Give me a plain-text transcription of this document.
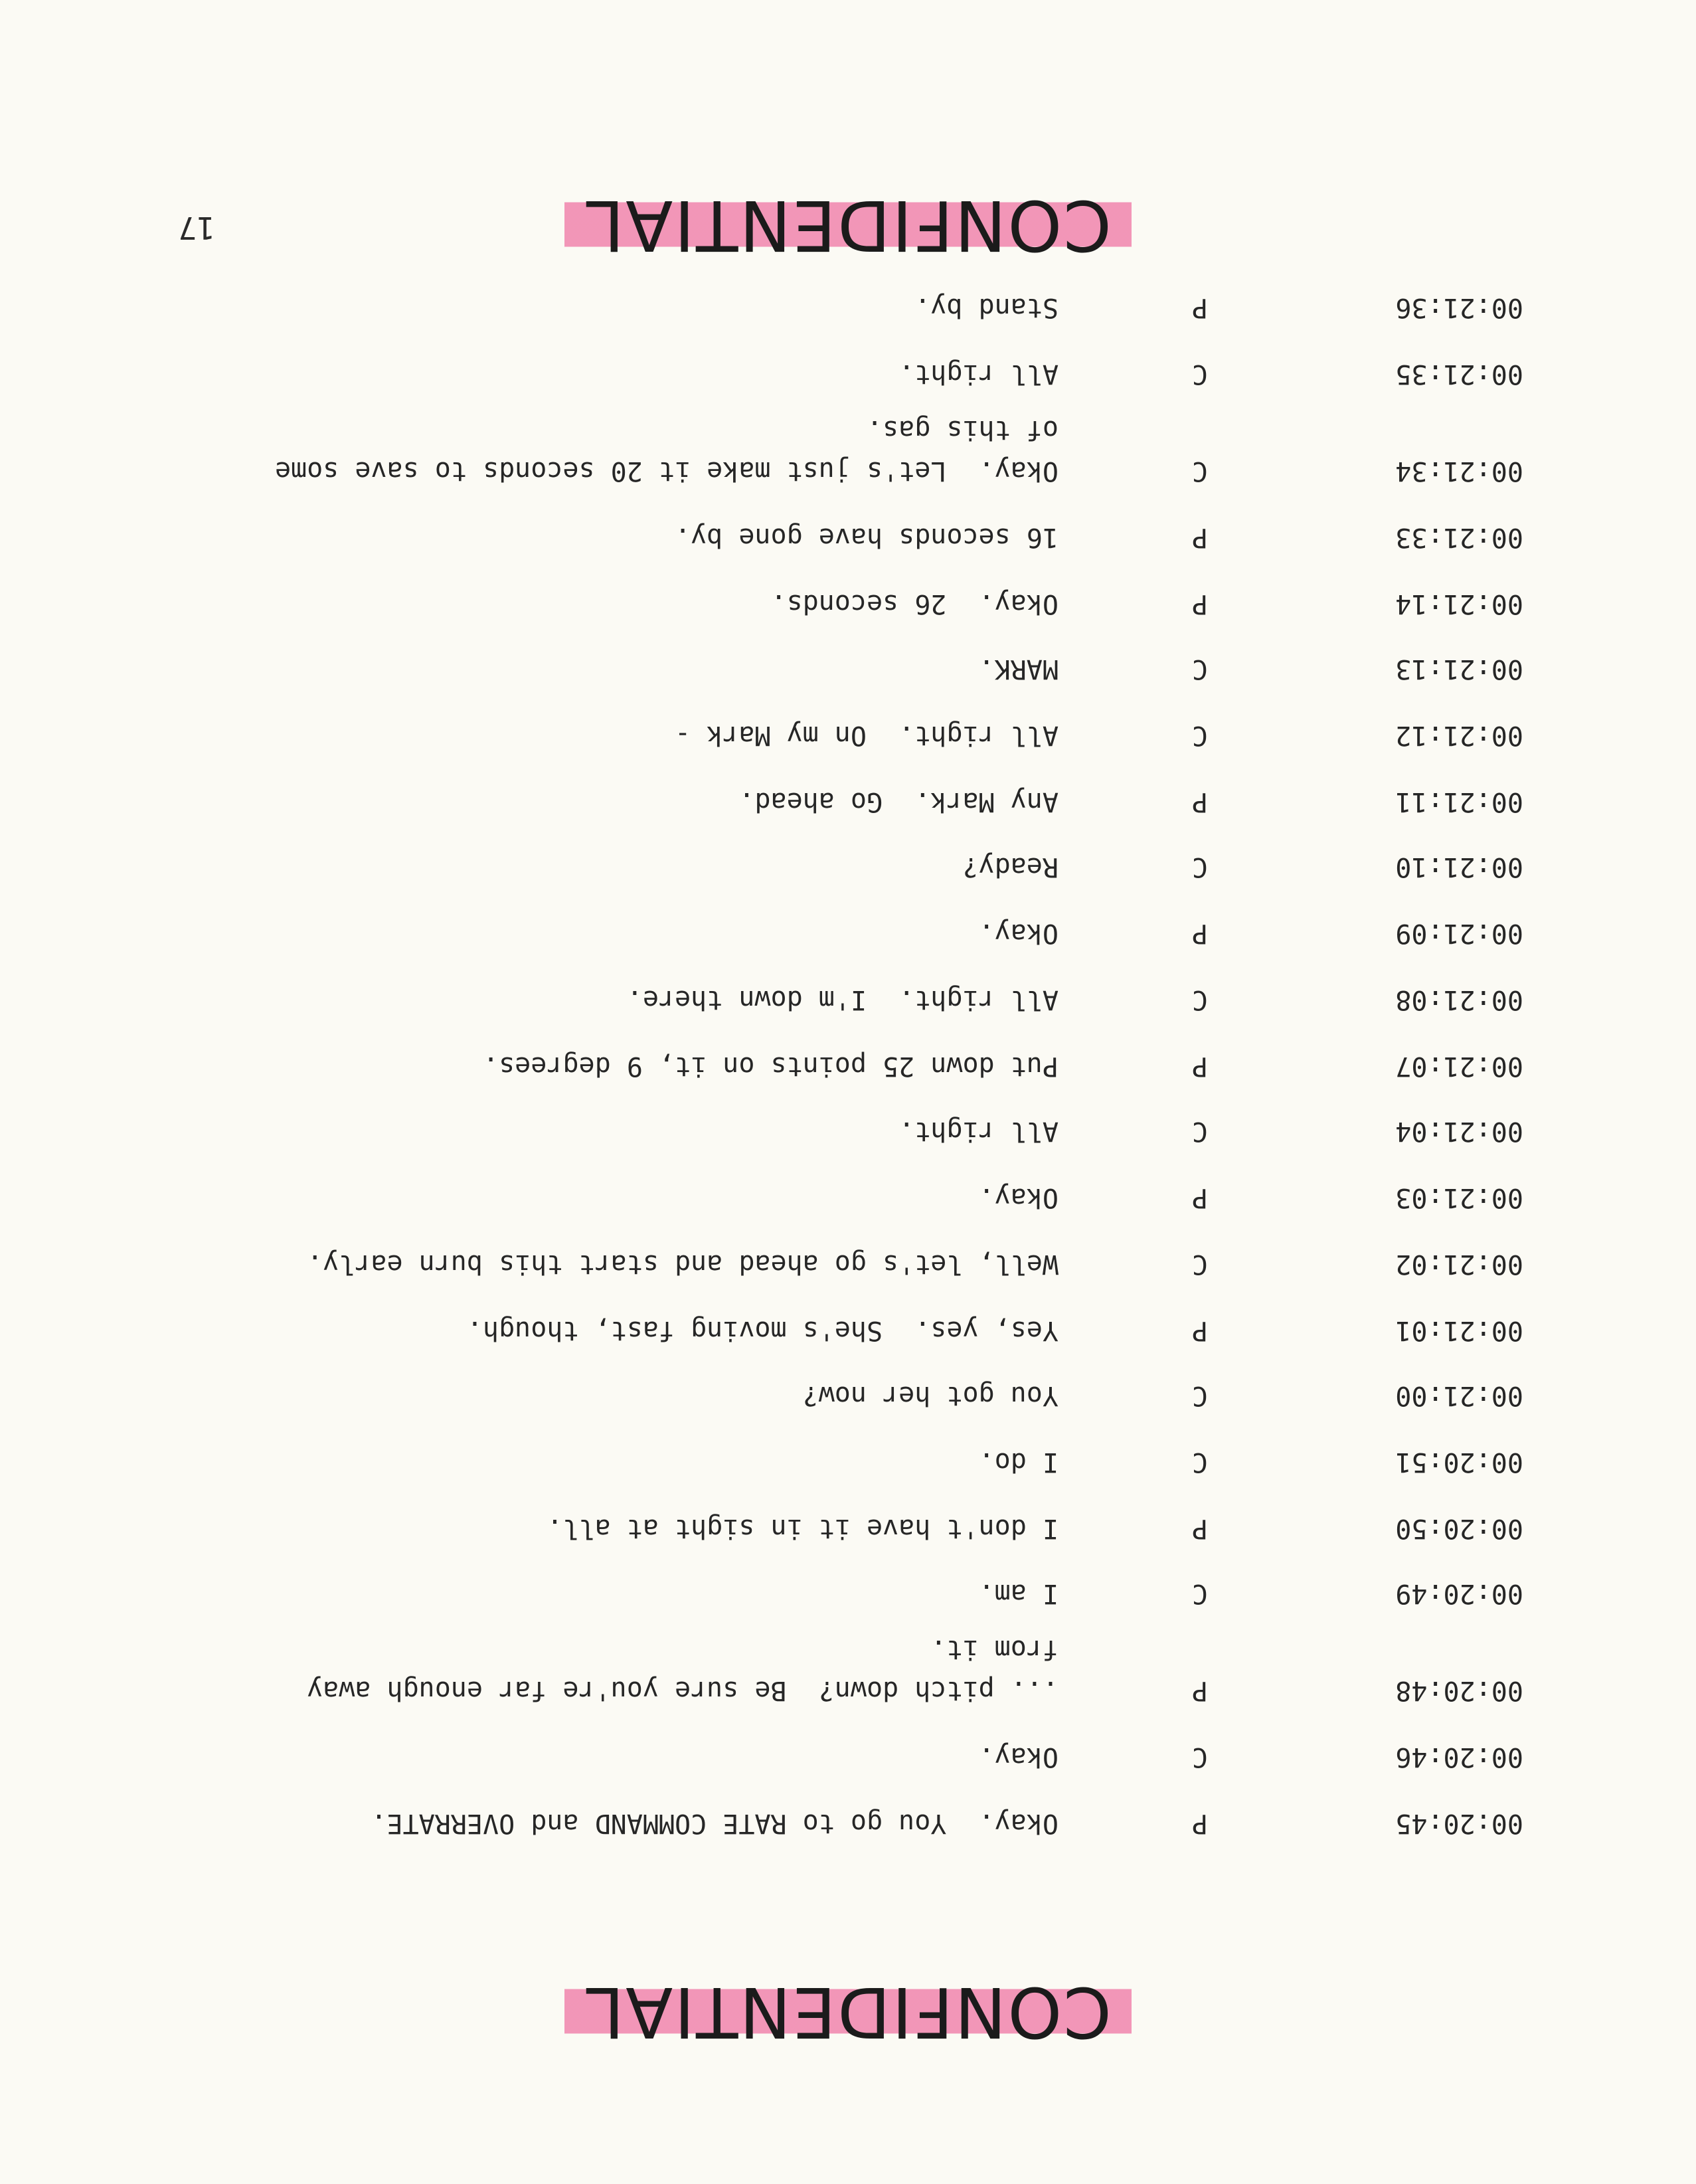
CONFIDENTIAL
17
00:20:45
P
Okay.  You go to RATE COMMAND and OVERRATE.
00:20:46
C
Okay.
00:20:48
P
... pitch down?  Be sure you're far enough away
from it.
00:20:49
C
I am.
00:20:50
P
I don't have it in sight at all.
00:20:51
C
I do.
00:21:00
C
You got her now?
00:21:01
P
Yes, yes.  She's moving fast, though.
00:21:02
C
Well, let's go ahead and start this burn early.
00:21:03
P
Okay.
00:21:04
C
All right.
00:21:07
P
Put down 25 points on it, 9 degrees.
00:21:08
C
All right.  I'm down there.
00:21:09
P
Okay.
00:21:10
C
Ready?
00:21:11
P
Any Mark.  Go ahead.
00:21:12
C
All right.  On my Mark -
00:21:13
C
MARK.
00:21:14
P
Okay.  26 seconds.
00:21:33
P
16 seconds have gone by.
00:21:34
C
Okay.  Let's just make it 20 seconds to save some
of this gas.
00:21:35
C
All right.
00:21:36
P
Stand by.
CONFIDENTIAL
